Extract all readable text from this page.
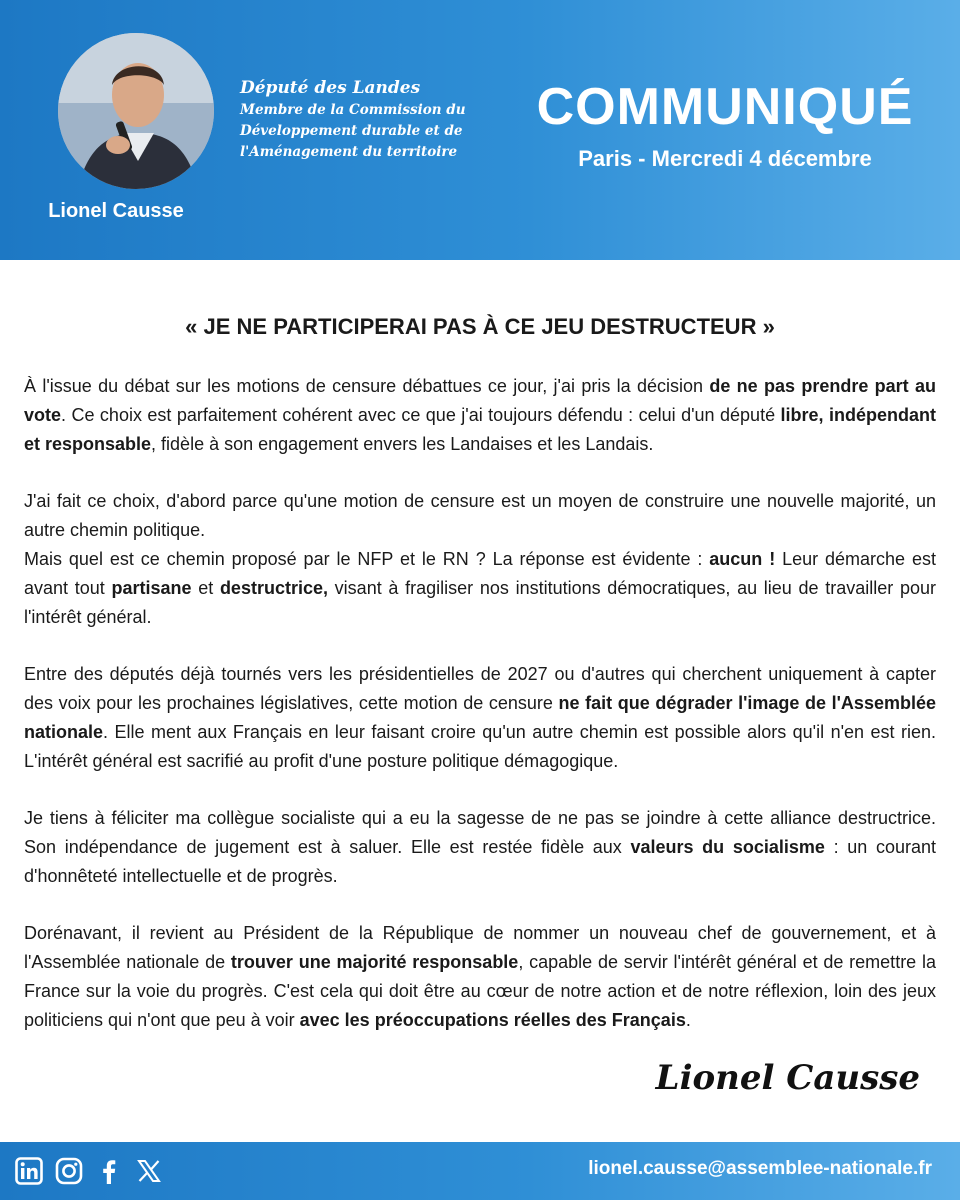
Lionel Causse
Député des Landes
Membre de la Commission du
Développement durable et de
l'Aménagement du territoire
COMMUNIQUÉ
Paris - Mercredi 4 décembre
« JE NE PARTICIPERAI PAS À CE JEU DESTRUCTEUR »

À l'issue du débat sur les motions de censure débattues ce jour, j'ai pris la décision de ne pas prendre part au vote. Ce choix est parfaitement cohérent avec ce que j'ai toujours défendu : celui d'un député libre, indépendant et responsable, fidèle à son engagement envers les Landaises et les Landais.

J'ai fait ce choix, d'abord parce qu'une motion de censure est un moyen de construire une nouvelle majorité, un autre chemin politique.
Mais quel est ce chemin proposé par le NFP et le RN ? La réponse est évidente : aucun ! Leur démarche est avant tout partisane et destructrice, visant à fragiliser nos institutions démocratiques, au lieu de travailler pour l'intérêt général.

Entre des députés déjà tournés vers les présidentielles de 2027 ou d'autres qui cherchent uniquement à capter des voix pour les prochaines législatives, cette motion de censure ne fait que dégrader l'image de l'Assemblée nationale. Elle ment aux Français en leur faisant croire qu'un autre chemin est possible alors qu'il n'en est rien. L'intérêt général est sacrifié au profit d'une posture politique démagogique.

Je tiens à féliciter ma collègue socialiste qui a eu la sagesse de ne pas se joindre à cette alliance destructrice. Son indépendance de jugement est à saluer. Elle est restée fidèle aux valeurs du socialisme : un courant d'honnêteté intellectuelle et de progrès.

Dorénavant, il revient au Président de la République de nommer un nouveau chef de gouvernement, et à l'Assemblée nationale de trouver une majorité responsable, capable de servir l'intérêt général et de remettre la France sur la voie du progrès. C'est cela qui doit être au cœur de notre action et de notre réflexion, loin des jeux politiciens qui n'ont que peu à voir avec les préoccupations réelles des Français.

Lionel Causse
lionel.causse@assemblee-nationale.fr
